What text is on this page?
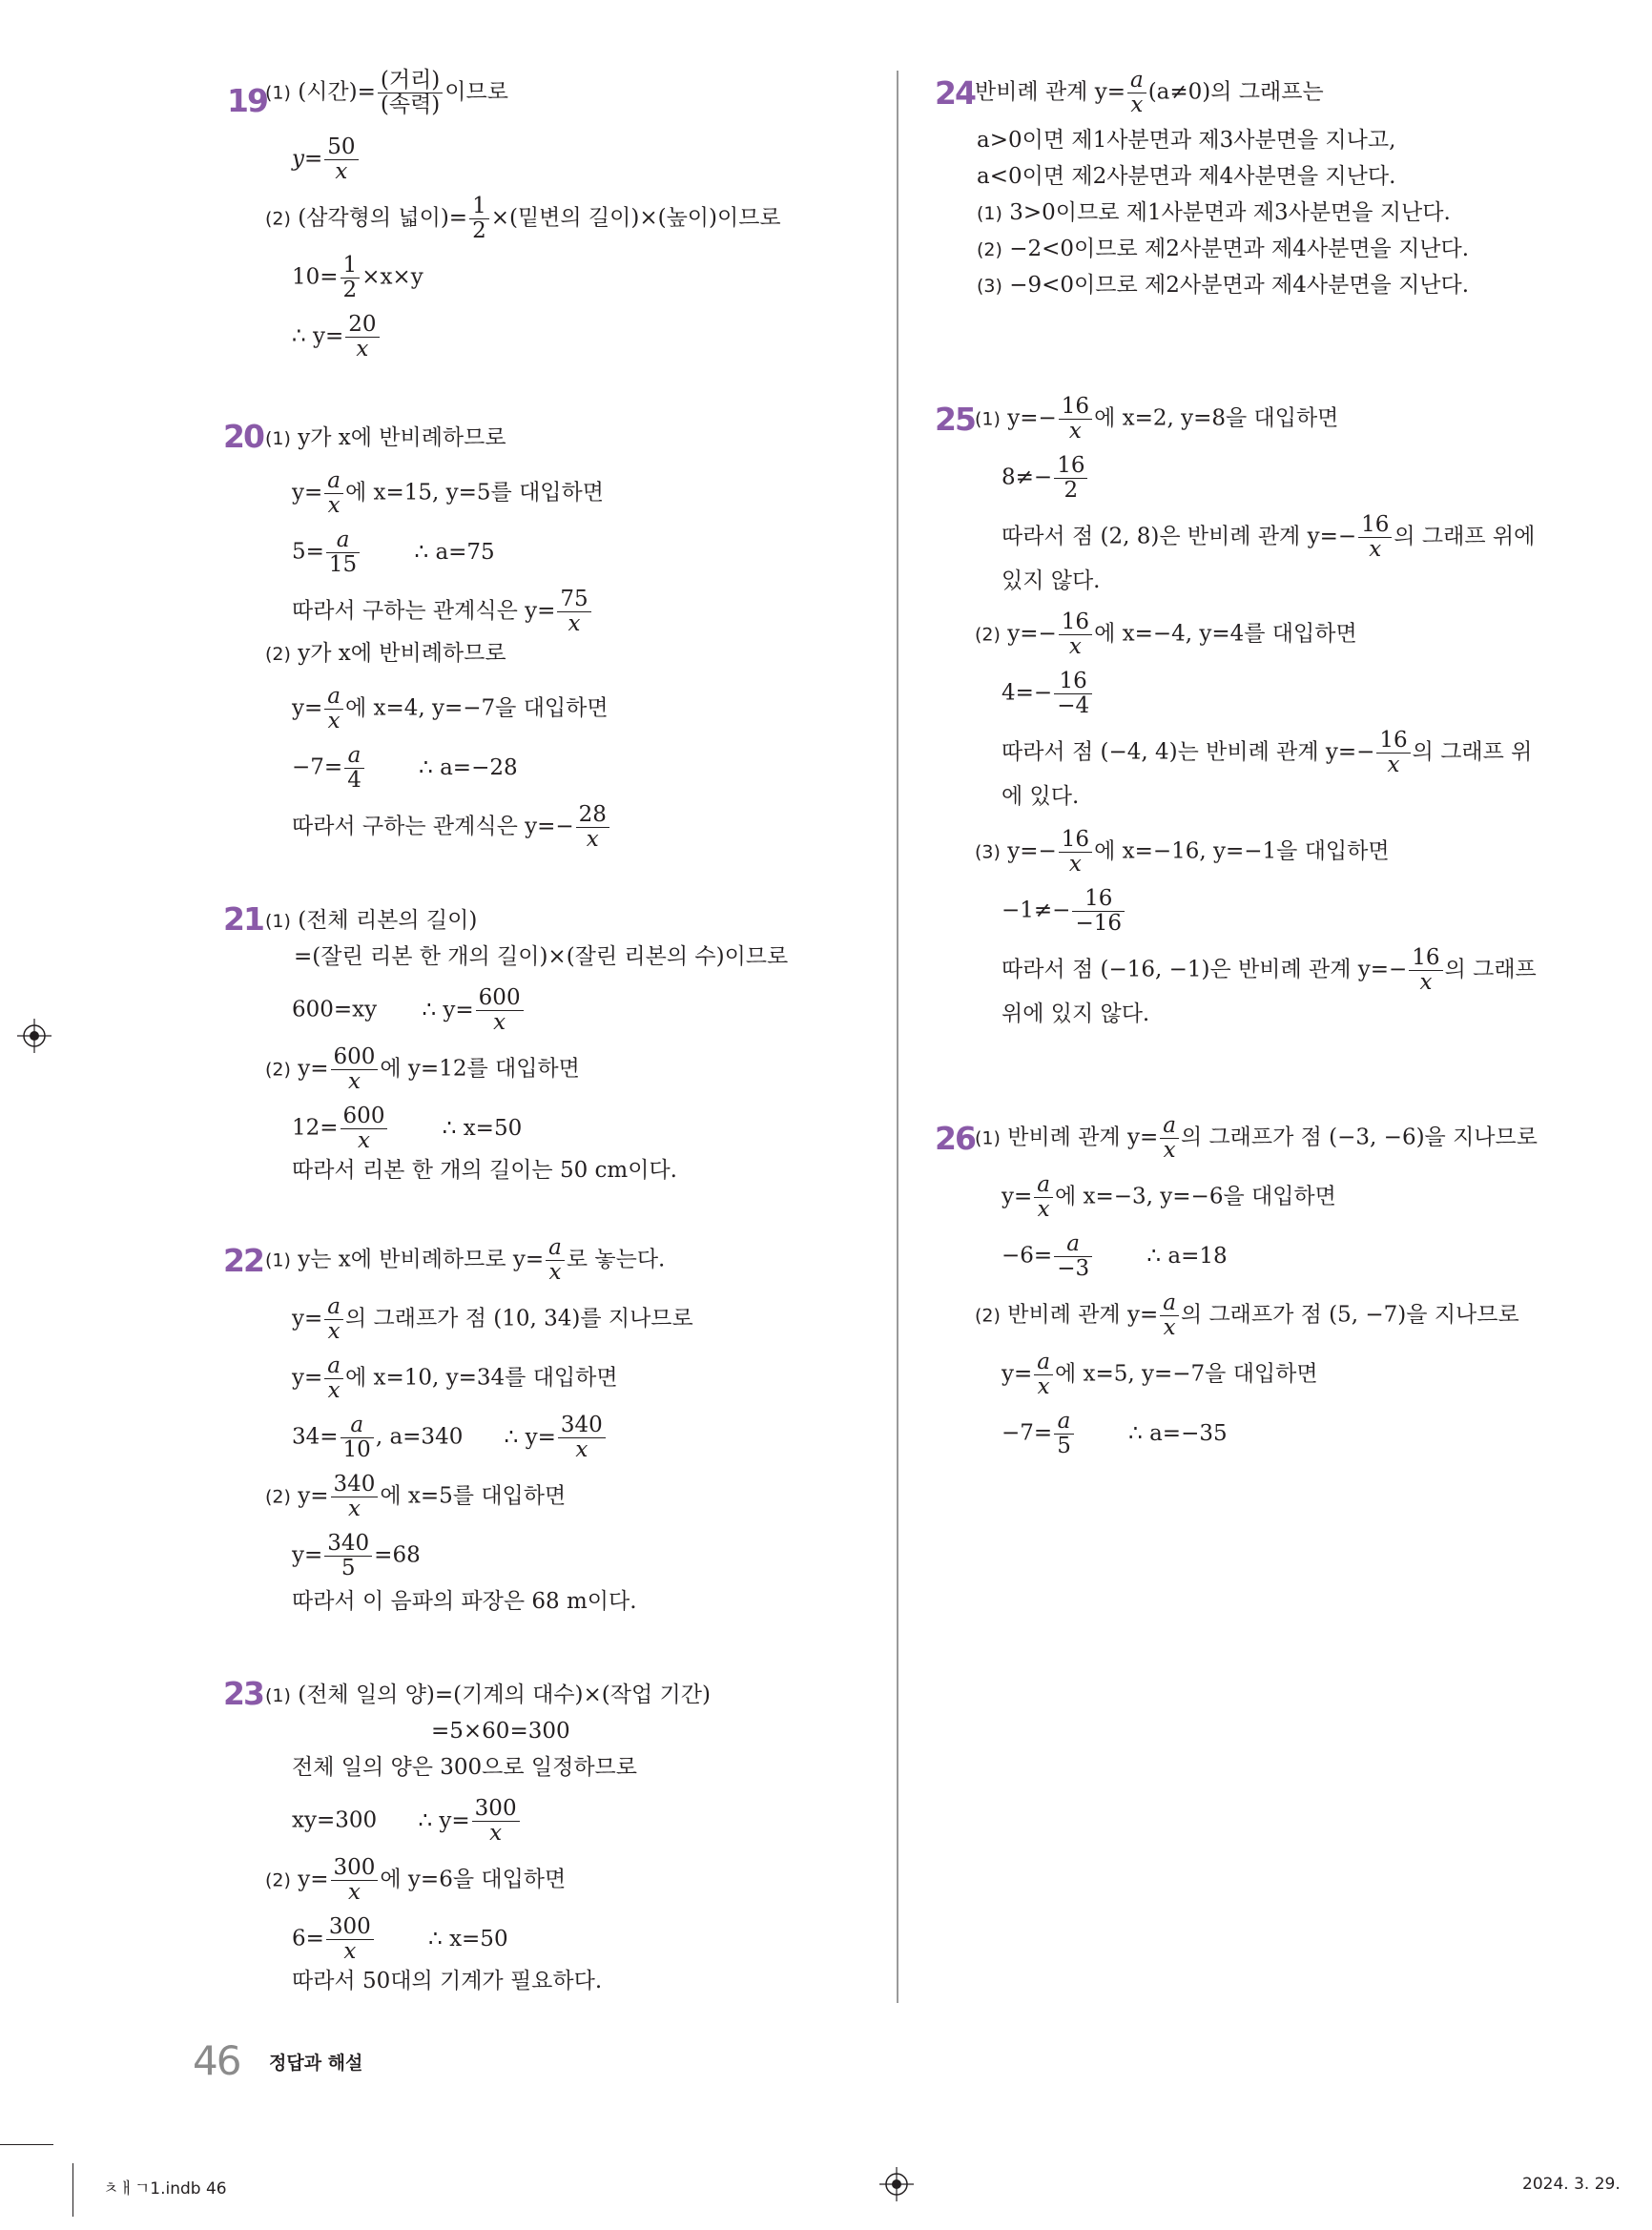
19
(1) (시간)= $\frac{\text{(거리)}}{\text{(속력)}}$ 이므로
$y= \frac{50}{x}$
(2) (삼각형의 넓이)= $\frac{1}{2}$ ×(밑변의 길이)×(높이)이므로
$10= \frac{1}{2} \times x\times y$
∴ $y= \frac{20}{x}$
20 (1) y가 x에 반비례하므로
$y= \frac{a}{x}$ 에 x=15, y=5를 대입하면
$5= \frac{a}{15}$ ∴ a=75
따라서 구하는 관계식은 $y= \frac{75}{x}$
(2) y가 x에 반비례하므로
$y= \frac{a}{x}$ 에 x=4, y=−7을 대입하면
$-7= \frac{a}{4}$ ∴ a=−28
따라서 구하는 관계식은 $y=- \frac{28}{x}$
21 (1) (전체 리본의 길이)
=(잘린 리본 한 개의 길이)×(잘린 리본의 수)이므로
600=xy ∴ $y= \frac{600}{x}$
(2) $y= \frac{600}{x}$ 에 y=12를 대입하면
$12= \frac{600}{x}$ ∴ x=50
따라서 리본 한 개의 길이는 50 cm이다.
22 (1) y는 x에 반비례하므로 $y= \frac{a}{x}$ 로 놓는다.
$y= \frac{a}{x}$ 의 그래프가 점 (10, 34)를 지나므로
$y= \frac{a}{x}$ 에 x=10, y=34를 대입하면
$34= \frac{a}{10}$ , a=340 ∴ $y= \frac{340}{x}$
(2) $y= \frac{340}{x}$ 에 x=5를 대입하면
$y= \frac{340}{5} =68$
따라서 이 음파의 파장은 68 m이다.
23 (1) (전체 일의 양)=(기계의 대수)×(작업 기간)
=5×60=300
전체 일의 양은 300으로 일정하므로
xy=300 ∴ $y= \frac{300}{x}$
(2) $y= \frac{300}{x}$ 에 y=6을 대입하면
$6= \frac{300}{x}$ ∴ x=50
따라서 50대의 기계가 필요하다.
24 반비례 관계 $y= \frac{a}{x} (a\ne 0)$의 그래프는
a>0이면 제1사분면과 제3사분면을 지나고,
a<0이면 제2사분면과 제4사분면을 지난다.
(1) 3>0이므로 제1사분면과 제3사분면을 지난다.
(2) −2<0이므로 제2사분면과 제4사분면을 지난다.
(3) −9<0이므로 제2사분면과 제4사분면을 지난다.
25 (1) $y=- \frac{16}{x}$ 에 x=2, y=8을 대입하면
$8\ne- \frac{16}{2}$
따라서 점 (2, 8)은 반비례 관계 $y=- \frac{16}{x}$ 의 그래프 위에
있지 않다.
(2) $y=- \frac{16}{x}$ 에 x=−4, y=4를 대입하면
$4=- \frac{16}{-4}$
따라서 점 (−4, 4)는 반비례 관계 $y=- \frac{16}{x}$ 의 그래프 위
에 있다.
(3) $y=- \frac{16}{x}$ 에 x=−16, y=−1을 대입하면
$-1\ne- \frac{16}{-16}$
따라서 점 (−16, −1)은 반비례 관계 $y=- \frac{16}{x}$ 의 그래프
위에 있지 않다.
26 (1) 반비례 관계 $y= \frac{a}{x}$ 의 그래프가 점 (−3, −6)을 지나므로
$y= \frac{a}{x}$ 에 x=−3, y=−6을 대입하면
$-6= \frac{a}{-3}$ ∴ a=18
(2) 반비례 관계 $y= \frac{a}{x}$ 의 그래프가 점 (5, −7)을 지나므로
$y= \frac{a}{x}$ 에 x=5, y=−7을 대입하면
$-7= \frac{a}{5}$ ∴ a=−35
46 정답과 해설
ㅊㅐㄱ1.indb 46	2024. 3. 29.
